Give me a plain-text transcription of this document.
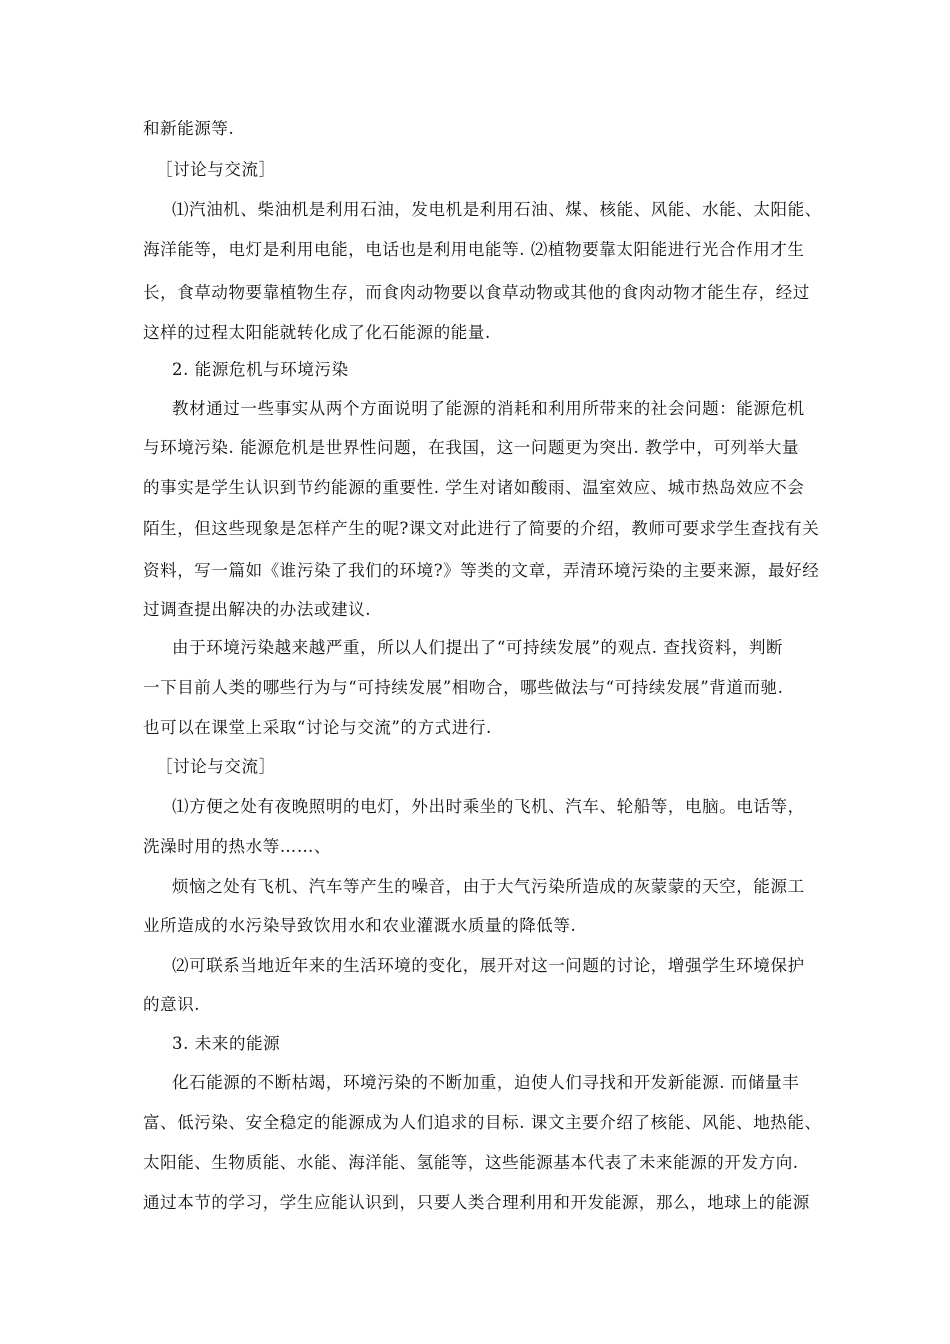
和新能源等.
［讨论与交流］
⑴汽油机、柴油机是利用石油，发电机是利用石油、煤、核能、风能、水能、太阳能、
海洋能等，电灯是利用电能，电话也是利用电能等. ⑵植物要靠太阳能进行光合作用才生
长，食草动物要靠植物生存，而食肉动物要以食草动物或其他的食肉动物才能生存，经过
这样的过程太阳能就转化成了化石能源的能量.
2. 能源危机与环境污染
教材通过一些事实从两个方面说明了能源的消耗和利用所带来的社会问题：能源危机
与环境污染. 能源危机是世界性问题，在我国，这一问题更为突出. 教学中，可列举大量
的事实是学生认识到节约能源的重要性. 学生对诸如酸雨、温室效应、城市热岛效应不会
陌生，但这些现象是怎样产生的呢?课文对此进行了简要的介绍，教师可要求学生查找有关
资料，写一篇如《谁污染了我们的环境?》等类的文章，弄清环境污染的主要来源，最好经
过调查提出解决的办法或建议.
由于环境污染越来越严重，所以人们提出了“可持续发展”的观点. 查找资料，判断
一下目前人类的哪些行为与“可持续发展”相吻合，哪些做法与“可持续发展”背道而驰.
也可以在课堂上采取“讨论与交流”的方式进行.
［讨论与交流］
⑴方便之处有夜晚照明的电灯，外出时乘坐的飞机、汽车、轮船等，电脑。电话等，
洗澡时用的热水等……、
烦恼之处有飞机、汽车等产生的噪音，由于大气污染所造成的灰蒙蒙的天空，能源工
业所造成的水污染导致饮用水和农业灌溉水质量的降低等.
⑵可联系当地近年来的生活环境的变化，展开对这一问题的讨论，增强学生环境保护
的意识.
3. 未来的能源
化石能源的不断枯竭，环境污染的不断加重，迫使人们寻找和开发新能源. 而储量丰
富、低污染、安全稳定的能源成为人们追求的目标. 课文主要介绍了核能、风能、地热能、
太阳能、生物质能、水能、海洋能、氢能等，这些能源基本代表了未来能源的开发方向.
通过本节的学习，学生应能认识到，只要人类合理利用和开发能源，那么，地球上的能源
